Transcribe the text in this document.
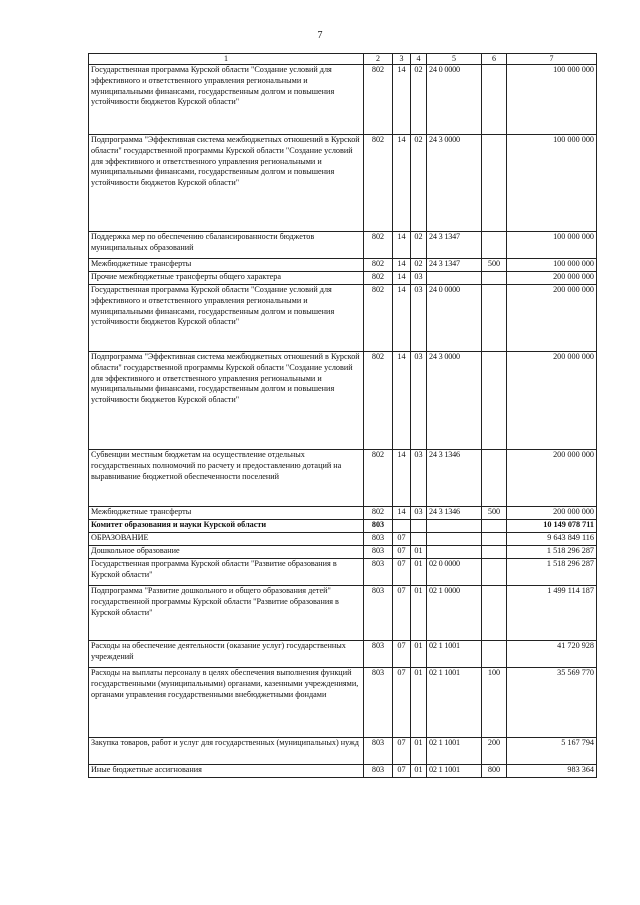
7
1	2	3	4	5	6	7
Государственная программа Курской области "Создание условий для эффективного и ответственного управления региональными и муниципальными финансами, государственным долгом и повышения устойчивости бюджетов Курской области"	802	14	02	24 0 0000		100 000 000
Подпрограмма "Эффективная система межбюджетных отношений в Курской области" государственной программы Курской области "Создание условий для эффективного и ответственного управления региональными и муниципальными финансами, государственным долгом и повышения устойчивости бюджетов Курской области"	802	14	02	24 3 0000		100 000 000
Поддержка мер по обеспечению сбалансированности бюджетов муниципальных образований	802	14	02	24 3 1347		100 000 000
Межбюджетные трансферты	802	14	02	24 3 1347	500	100 000 000
Прочие межбюджетные трансферты общего характера	802	14	03			200 000 000
Государственная программа Курской области "Создание условий для эффективного и ответственного управления региональными и муниципальными финансами, государственным долгом и повышения устойчивости бюджетов Курской области"	802	14	03	24 0 0000		200 000 000
Подпрограмма "Эффективная система межбюджетных отношений в Курской области" государственной программы Курской области "Создание условий для эффективного и ответственного управления региональными и муниципальными финансами, государственным долгом и повышения устойчивости бюджетов Курской области"	802	14	03	24 3 0000		200 000 000
Субвенции местным бюджетам на осуществление отдельных государственных полномочий по расчету и предоставлению дотаций на выравнивание бюджетной обеспеченности поселений	802	14	03	24 3 1346		200 000 000
Межбюджетные трансферты	802	14	03	24 3 1346	500	200 000 000
Комитет образования и науки Курской области	803					10 149 078 711
ОБРАЗОВАНИЕ	803	07				9 643 849 116
Дошкольное образование	803	07	01			1 518 296 287
Государственная программа Курской области "Развитие образования в Курской области"	803	07	01	02 0 0000		1 518 296 287
Подпрограмма "Развитие дошкольного и общего образования детей" государственной программы Курской области "Развитие образования в Курской области"	803	07	01	02 1 0000		1 499 114 187
Расходы на обеспечение деятельности (оказание услуг) государственных учреждений	803	07	01	02 1 1001		41 720 928
Расходы на выплаты персоналу в целях обеспечения выполнения функций государственными (муниципальными) органами, казенными учреждениями, органами управления государственными внебюджетными фондами	803	07	01	02 1 1001	100	35 569 770
Закупка товаров, работ и услуг для государственных (муниципальных) нужд	803	07	01	02 1 1001	200	5 167 794
Иные бюджетные ассигнования	803	07	01	02 1 1001	800	983 364
